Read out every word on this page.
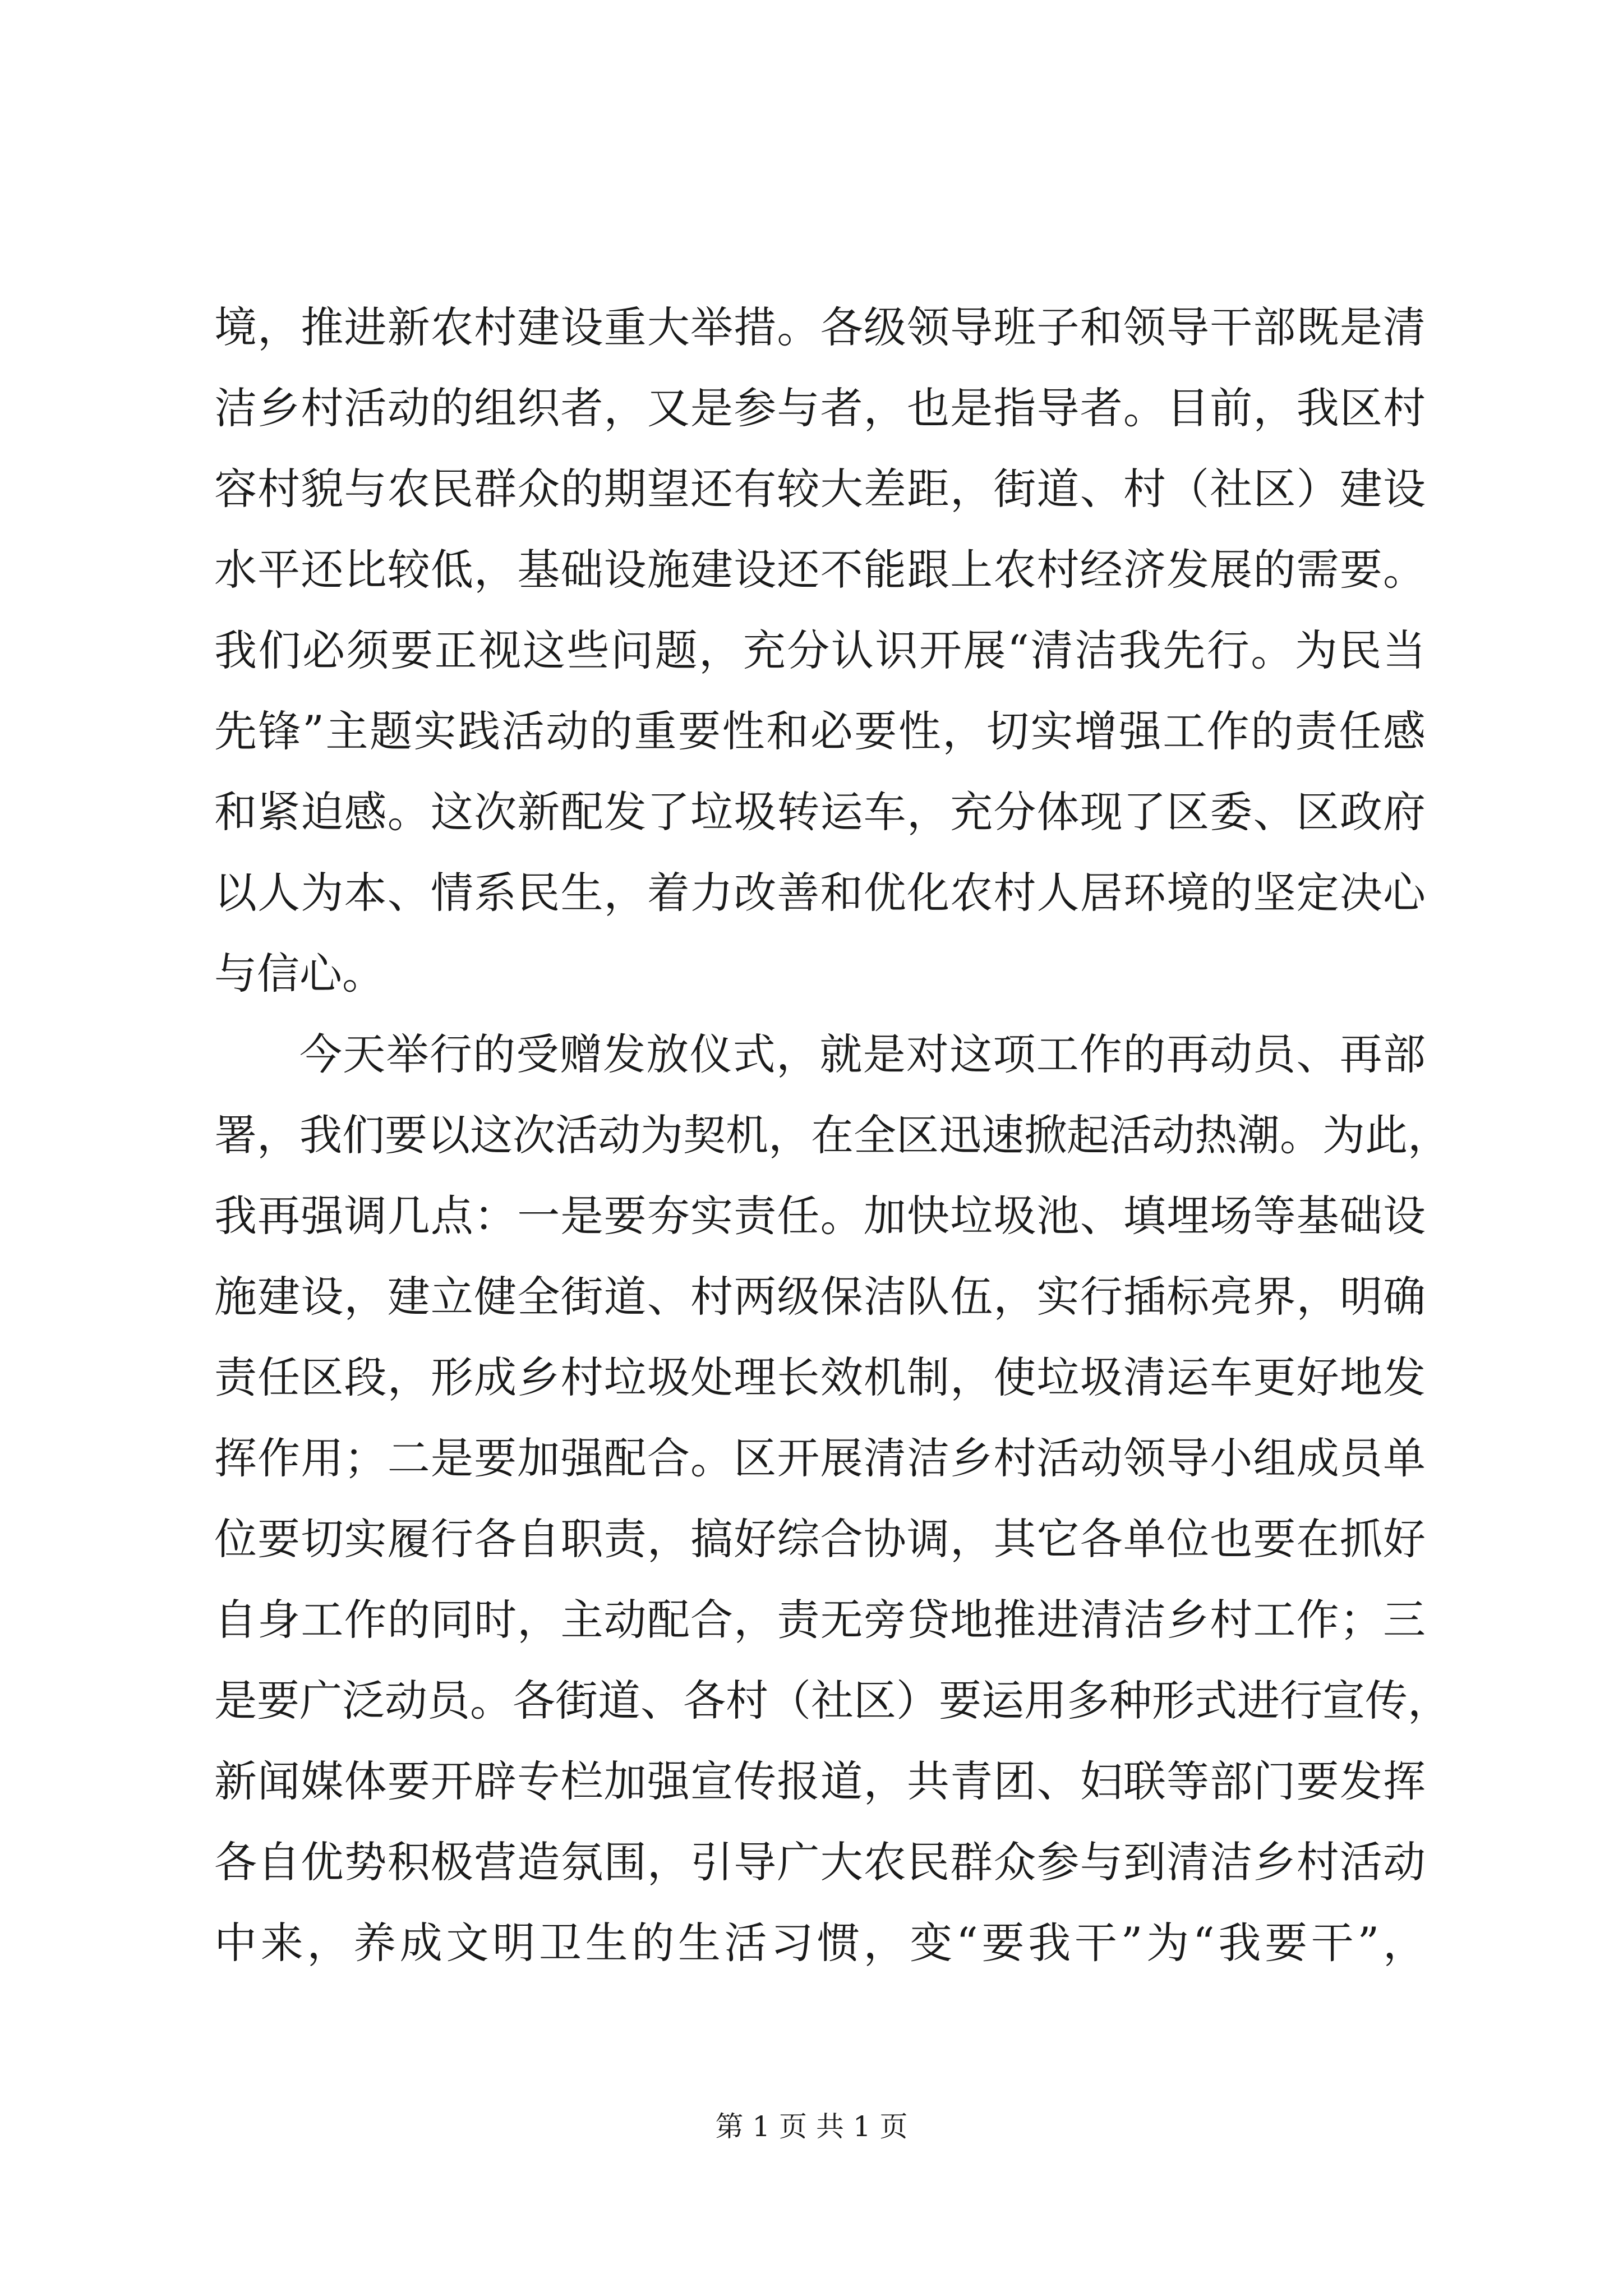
境，推进新农村建设重大举措。各级领导班子和领导干部既是清
洁乡村活动的组织者，又是参与者，也是指导者。目前，我区村
容村貌与农民群众的期望还有较大差距，街道、村（社区）建设
水平还比较低，基础设施建设还不能跟上农村经济发展的需要。
我们必须要正视这些问题，充分认识开展“清洁我先行。为民当
先锋”主题实践活动的重要性和必要性，切实增强工作的责任感
和紧迫感。这次新配发了垃圾转运车，充分体现了区委、区政府
以人为本、情系民生，着力改善和优化农村人居环境的坚定决心
与信心。
今天举行的受赠发放仪式，就是对这项工作的再动员、再部
署，我们要以这次活动为契机，在全区迅速掀起活动热潮。为此，
我再强调几点：一是要夯实责任。加快垃圾池、填埋场等基础设
施建设，建立健全街道、村两级保洁队伍，实行插标亮界，明确
责任区段，形成乡村垃圾处理长效机制，使垃圾清运车更好地发
挥作用；二是要加强配合。区开展清洁乡村活动领导小组成员单
位要切实履行各自职责，搞好综合协调，其它各单位也要在抓好
自身工作的同时，主动配合，责无旁贷地推进清洁乡村工作；三
是要广泛动员。各街道、各村（社区）要运用多种形式进行宣传，
新闻媒体要开辟专栏加强宣传报道，共青团、妇联等部门要发挥
各自优势积极营造氛围，引导广大农民群众参与到清洁乡村活动
中来，养成文明卫生的生活习惯，变“要我干”为“我要干”，
第 1 页 共 1 页
